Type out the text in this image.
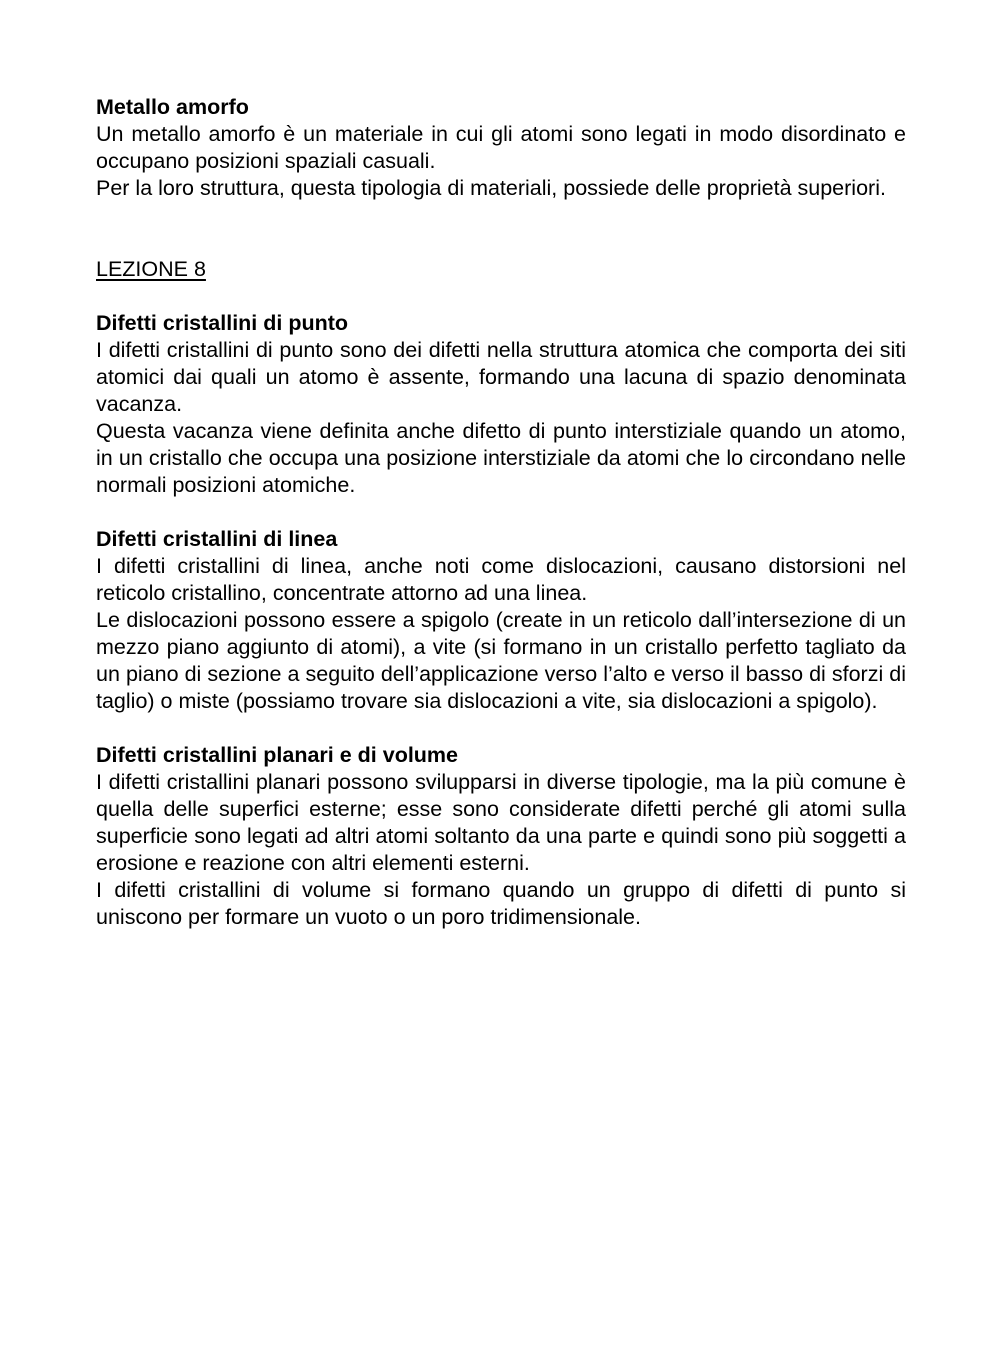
Metallo amorfo

Un metallo amorfo è un materiale in cui gli atomi sono legati in modo disordinato e occupano posizioni spaziali casuali.

Per la loro struttura, questa tipologia di materiali, possiede delle proprietà superiori.

LEZIONE 8

Difetti cristallini di punto

I difetti cristallini di punto sono dei difetti nella struttura atomica che comporta dei siti atomici dai quali un atomo è assente, formando una lacuna di spazio denominata vacanza.

Questa vacanza viene definita anche difetto di punto interstiziale quando un atomo, in un cristallo che occupa una posizione interstiziale da atomi che lo circondano nelle normali posizioni atomiche.

Difetti cristallini di linea

I difetti cristallini di linea, anche noti come dislocazioni, causano distorsioni nel reticolo cristallino, concentrate attorno ad una linea.

Le dislocazioni possono essere a spigolo (create in un reticolo dall’intersezione di un mezzo piano aggiunto di atomi), a vite (si formano in un cristallo perfetto tagliato da un piano di sezione a seguito dell’applicazione verso l’alto e verso il basso di sforzi di taglio) o miste (possiamo trovare sia dislocazioni a vite, sia dislocazioni a spigolo).

Difetti cristallini planari e di volume

I difetti cristallini planari possono svilupparsi in diverse tipologie, ma la più comune è quella delle superfici esterne; esse sono considerate difetti perché gli atomi sulla superficie sono legati ad altri atomi soltanto da una parte e quindi sono più soggetti a erosione e reazione con altri elementi esterni.

I difetti cristallini di volume si formano quando un gruppo di difetti di punto si uniscono per formare un vuoto o un poro tridimensionale.
